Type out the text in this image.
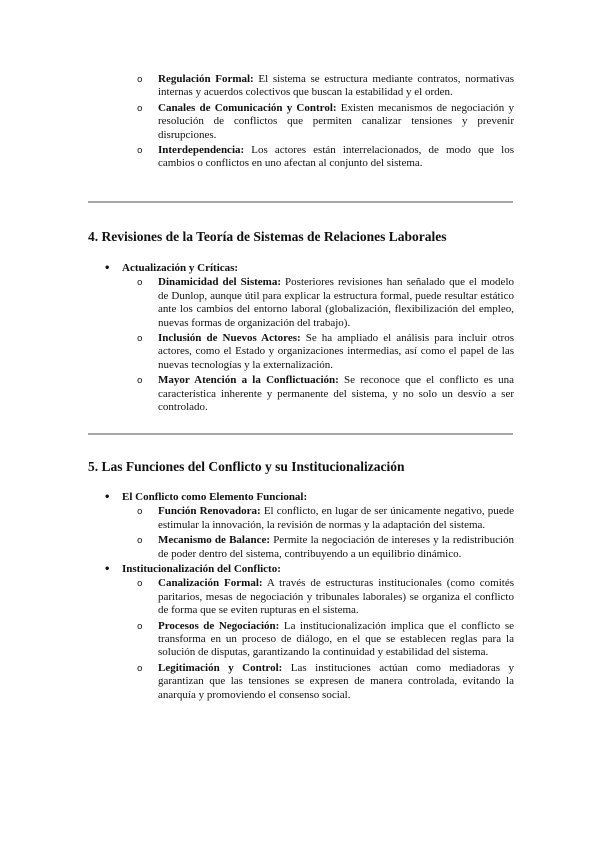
o Regulación Formal: El sistema se estructura mediante contratos, normativas internas y acuerdos colectivos que buscan la estabilidad y el orden.
o Canales de Comunicación y Control: Existen mecanismos de negociación y resolución de conflictos que permiten canalizar tensiones y prevenir disrupciones.
o Interdependencia: Los actores están interrelacionados, de modo que los cambios o conflictos en uno afectan al conjunto del sistema.
4. Revisiones de la Teoría de Sistemas de Relaciones Laborales
• Actualización y Críticas:
o Dinamicidad del Sistema: Posteriores revisiones han señalado que el modelo de Dunlop, aunque útil para explicar la estructura formal, puede resultar estático ante los cambios del entorno laboral (globalización, flexibilización del empleo, nuevas formas de organización del trabajo).
o Inclusión de Nuevos Actores: Se ha ampliado el análisis para incluir otros actores, como el Estado y organizaciones intermedias, así como el papel de las nuevas tecnologías y la externalización.
o Mayor Atención a la Conflictuación: Se reconoce que el conflicto es una característica inherente y permanente del sistema, y no solo un desvío a ser controlado.
5. Las Funciones del Conflicto y su Institucionalización
• El Conflicto como Elemento Funcional:
o Función Renovadora: El conflicto, en lugar de ser únicamente negativo, puede estimular la innovación, la revisión de normas y la adaptación del sistema.
o Mecanismo de Balance: Permite la negociación de intereses y la redistribución de poder dentro del sistema, contribuyendo a un equilibrio dinámico.
• Institucionalización del Conflicto:
o Canalización Formal: A través de estructuras institucionales (como comités paritarios, mesas de negociación y tribunales laborales) se organiza el conflicto de forma que se eviten rupturas en el sistema.
o Procesos de Negociación: La institucionalización implica que el conflicto se transforma en un proceso de diálogo, en el que se establecen reglas para la solución de disputas, garantizando la continuidad y estabilidad del sistema.
o Legitimación y Control: Las instituciones actúan como mediadoras y garantizan que las tensiones se expresen de manera controlada, evitando la anarquía y promoviendo el consenso social.
